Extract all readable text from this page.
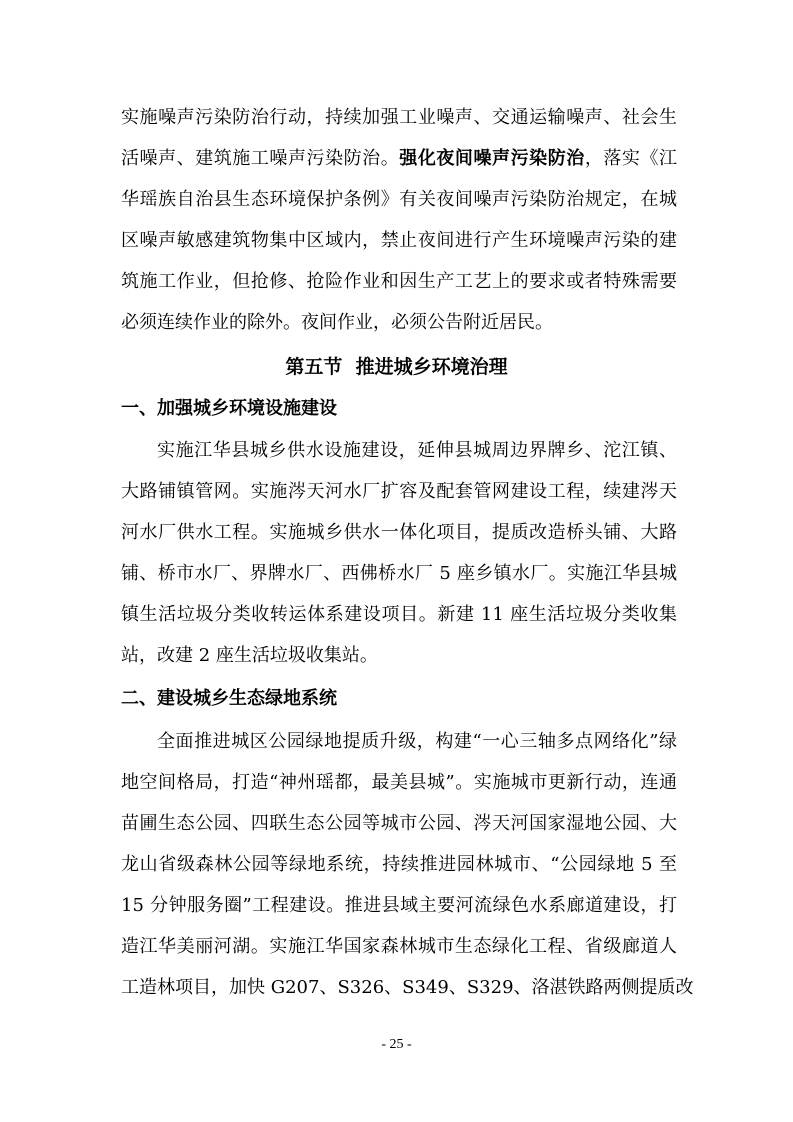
实施噪声污染防治行动，持续加强工业噪声、交通运输噪声、社会生
活噪声、建筑施工噪声污染防治。强化夜间噪声污染防治，落实《江
华瑶族自治县生态环境保护条例》有关夜间噪声污染防治规定，在城
区噪声敏感建筑物集中区域内，禁止夜间进行产生环境噪声污染的建
筑施工作业，但抢修、抢险作业和因生产工艺上的要求或者特殊需要
必须连续作业的除外。夜间作业，必须公告附近居民。
第五节  推进城乡环境治理
一、加强城乡环境设施建设
实施江华县城乡供水设施建设，延伸县城周边界牌乡、沱江镇、
大路铺镇管网。实施涔天河水厂扩容及配套管网建设工程，续建涔天
河水厂供水工程。实施城乡供水一体化项目，提质改造桥头铺、大路
铺、桥市水厂、界牌水厂、西佛桥水厂 5 座乡镇水厂。实施江华县城
镇生活垃圾分类收转运体系建设项目。新建 11 座生活垃圾分类收集
站，改建 2 座生活垃圾收集站。
二、建设城乡生态绿地系统
全面推进城区公园绿地提质升级，构建“一心三轴多点网络化”绿
地空间格局，打造“神州瑶都，最美县城”。实施城市更新行动，连通
苗圃生态公园、四联生态公园等城市公园、涔天河国家湿地公园、大
龙山省级森林公园等绿地系统，持续推进园林城市、“公园绿地 5 至
15 分钟服务圈”工程建设。推进县域主要河流绿色水系廊道建设，打
造江华美丽河湖。实施江华国家森林城市生态绿化工程、省级廊道人
工造林项目，加快 G207、S326、S349、S329、洛湛铁路两侧提质改
- 25 -
